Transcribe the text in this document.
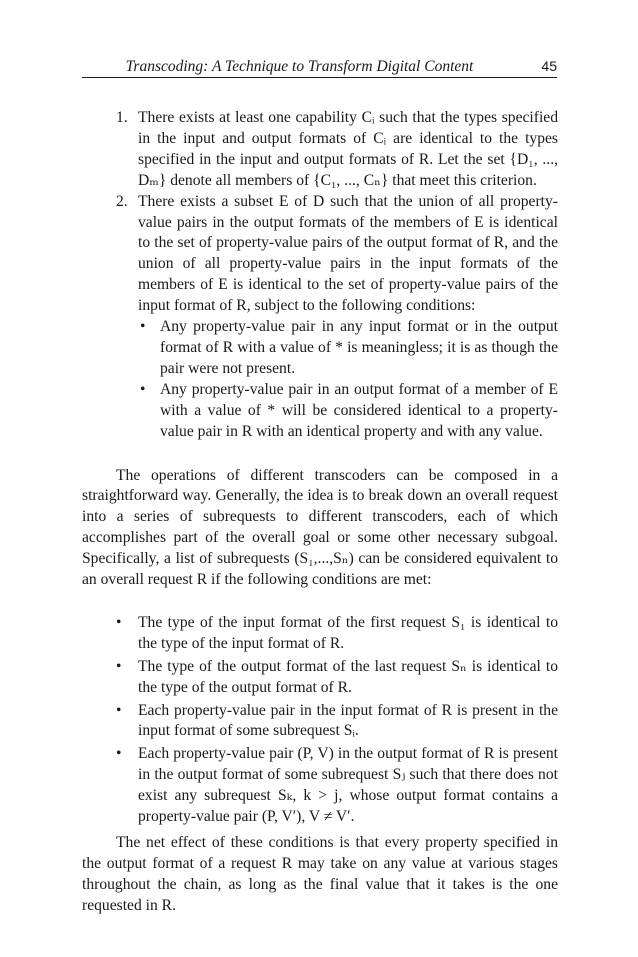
Transcoding: A Technique to Transform Digital Content	45
1. There exists at least one capability Cᵢ such that the types specified in the input and output formats of Cᵢ are identical to the types specified in the input and output formats of R. Let the set {D₁, ..., Dₘ} denote all members of {C₁, ..., Cₙ} that meet this criterion.
2. There exists a subset E of D such that the union of all property-value pairs in the output formats of the members of E is identical to the set of property-value pairs of the output format of R, and the union of all property-value pairs in the input formats of the members of E is identical to the set of property-value pairs of the input format of R, subject to the following conditions:
• Any property-value pair in any input format or in the output format of R with a value of * is meaningless; it is as though the pair were not present.
• Any property-value pair in an output format of a member of E with a value of * will be considered identical to a property-value pair in R with an identical property and with any value.

The operations of different transcoders can be composed in a straightforward way. Generally, the idea is to break down an overall request into a series of subrequests to different transcoders, each of which accomplishes part of the overall goal or some other necessary subgoal. Specifically, a list of subrequests (S₁,...,Sₙ) can be considered equivalent to an overall request R if the following conditions are met:

• The type of the input format of the first request S₁ is identical to the type of the input format of R.
• The type of the output format of the last request Sₙ is identical to the type of the output format of R.
• Each property-value pair in the input format of R is present in the input format of some subrequest Sᵢ.
• Each property-value pair (P, V) in the output format of R is present in the output format of some subrequest Sⱼ such that there does not exist any subrequest Sₖ, k > j, whose output format contains a property-value pair (P, V′), V ≠ V′.

The net effect of these conditions is that every property specified in the output format of a request R may take on any value at various stages throughout the chain, as long as the final value that it takes is the one requested in R.
